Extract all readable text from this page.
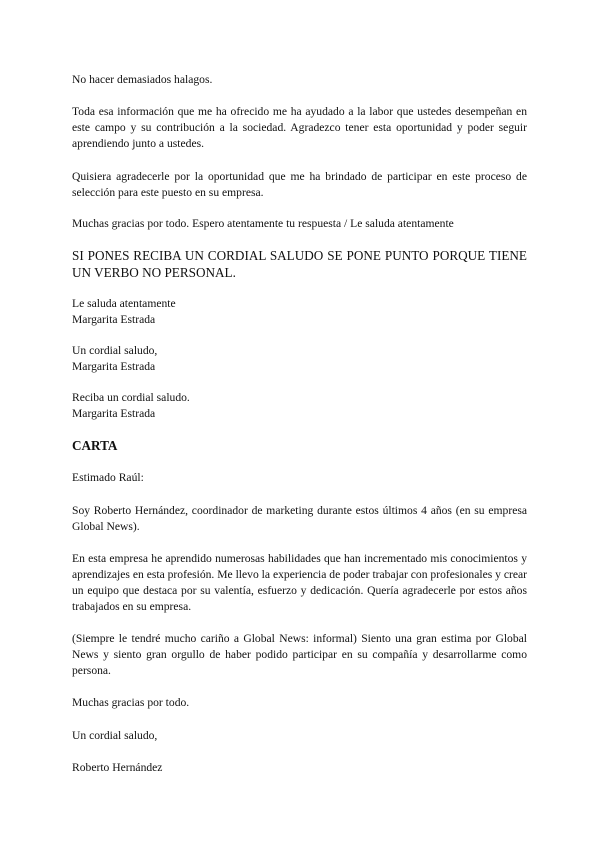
No hacer demasiados halagos.

Toda esa información que me ha ofrecido me ha ayudado a la labor que ustedes desempeñan en este campo y su contribución a la sociedad. Agradezco tener esta oportunidad y poder seguir aprendiendo junto a ustedes.

Quisiera agradecerle por la oportunidad que me ha brindado de participar en este proceso de selección para este puesto en su empresa.

Muchas gracias por todo. Espero atentamente tu respuesta / Le saluda atentamente

SI PONES RECIBA UN CORDIAL SALUDO SE PONE PUNTO PORQUE TIENE UN VERBO NO PERSONAL.

Le saluda atentamente
Margarita Estrada
Un cordial saludo,
Margarita Estrada
Reciba un cordial saludo.
Margarita Estrada

CARTA

Estimado Raúl:

Soy Roberto Hernández, coordinador de marketing durante estos últimos 4 años (en su empresa Global News).

En esta empresa he aprendido numerosas habilidades que han incrementado mis conocimientos y aprendizajes en esta profesión. Me llevo la experiencia de poder trabajar con profesionales y crear un equipo que destaca por su valentía, esfuerzo y dedicación. Quería agradecerle por estos años trabajados en su empresa.

(Siempre le tendré mucho cariño a Global News: informal) Siento una gran estima por Global News y siento gran orgullo de haber podido participar en su compañía y desarrollarme como persona.

Muchas gracias por todo.

Un cordial saludo,

Roberto Hernández
